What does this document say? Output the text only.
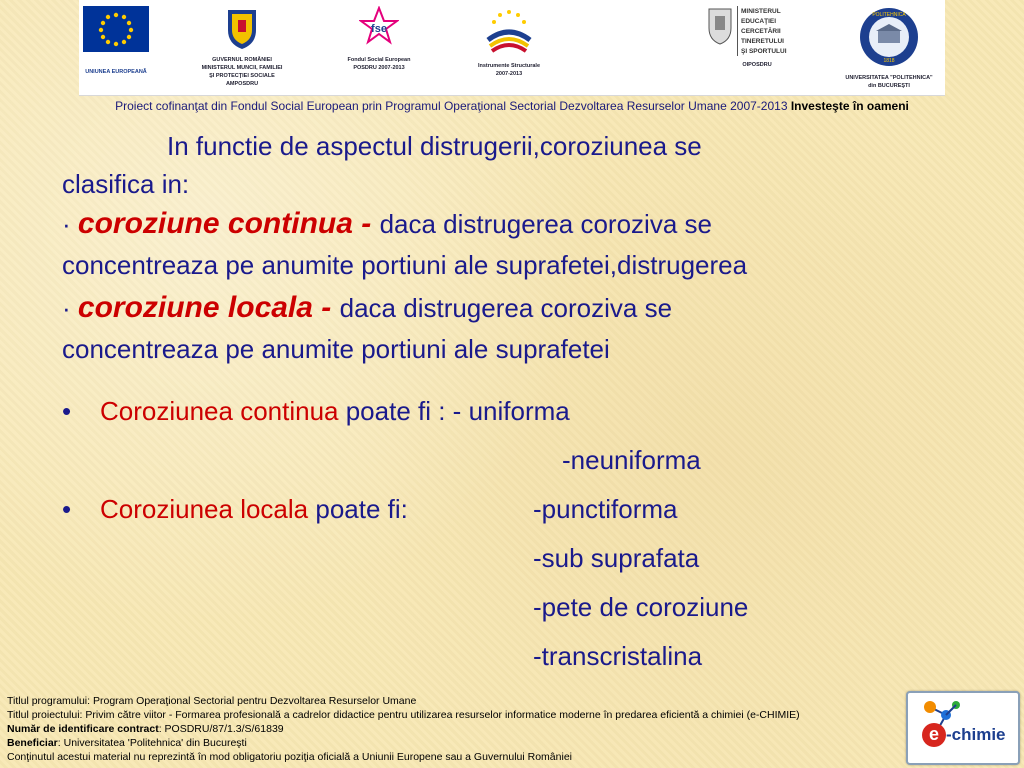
UNIUNEA EUROPEANĂ
GUVERNUL ROMÂNIEI
MINISTERUL MUNCII, FAMILIEI
ŞI PROTECŢIEI SOCIALE
AMPOSDRU
fse
Fondul Social European
POSDRU 2007-2013	Instrumente Structurale
2007-2013
MINISTERUL
EDUCAŢIEI
CERCETĂRII
TINERETULUI
ŞI SPORTULUI
OIPOSDRU
POLITEHNICA
1818
UNIVERSITATEA "POLITEHNICA"
din BUCUREŞTI
Proiect cofinanţat din Fondul Social European prin Programul Operaţional Sectorial Dezvoltarea Resurselor Umane 2007-2013 Investeşte în oameni
In functie de aspectul distrugerii,coroziunea se
clasifica in:
· coroziune continua - daca distrugerea coroziva se
concentreaza pe anumite portiuni ale suprafetei,distrugerea
· coroziune locala - daca distrugerea coroziva se
concentreaza pe anumite portiuni ale suprafetei
• Coroziunea continua poate fi : - uniforma
-neuniforma
• Coroziunea locala poate fi:	-punctiforma
-sub suprafata
-pete de coroziune
-transcristalina
Titlul programului: Program Operaţional Sectorial pentru Dezvoltarea Resurselor Umane
Titlul proiectului: Privim către viitor - Formarea profesională a cadrelor didactice pentru utilizarea resurselor informatice moderne în predarea eficientă a chimiei (e-CHIMIE)
Număr de identificare contract: POSDRU/87/1.3/S/61839
Beneficiar: Universitatea 'Politehnica' din Bucureşti
Conţinutul acestui material nu reprezintă în mod obligatoriu poziţia oficială a Uniunii Europene sau a Guvernului României
e -chimie
